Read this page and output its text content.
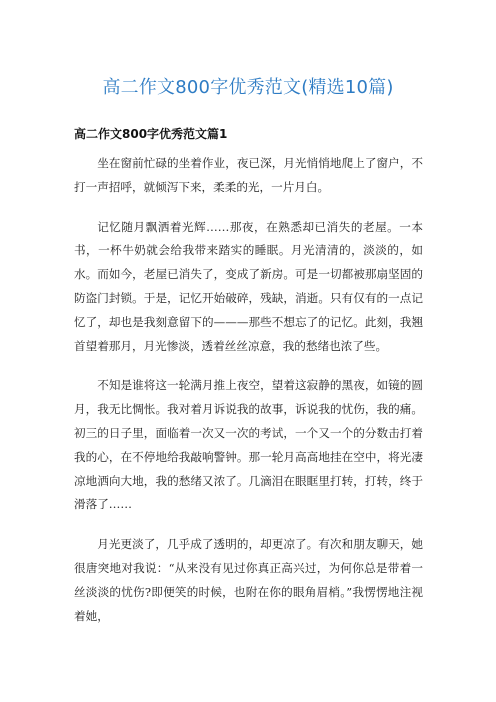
高二作文800字优秀范文(精选10篇)
高二作文800字优秀范文篇1

坐在窗前忙碌的坐着作业，夜已深，月光悄悄地爬上了窗户，不打一声招呼，就倾泻下来，柔柔的光，一片月白。

记忆随月飘洒着光辉……那夜，在熟悉却已消失的老屋。一本书，一杯牛奶就会给我带来踏实的睡眠。月光清清的，淡淡的，如水。而如今，老屋已消失了，变成了新房。可是一切都被那扇坚固的防盗门封锁。于是，记忆开始破碎，残缺，消逝。只有仅有的一点记忆了，却也是我刻意留下的———那些不想忘了的记忆。此刻，我翘首望着那月，月光惨淡，透着丝丝凉意，我的愁绪也浓了些。

不知是谁将这一轮满月推上夜空，望着这寂静的黑夜，如镜的圆月，我无比惆怅。我对着月诉说我的故事，诉说我的忧伤，我的痛。初三的日子里，面临着一次又一次的考试，一个又一个的分数击打着我的心，在不停地给我敲响警钟。那一轮月高高地挂在空中，将光凄凉地洒向大地，我的愁绪又浓了。几滴泪在眼眶里打转，打转，终于滑落了……

月光更淡了，几乎成了透明的，却更凉了。有次和朋友聊天，她很唐突地对我说：“从来没有见过你真正高兴过，为何你总是带着一丝淡淡的忧伤?即便笑的时候，也附在你的眼角眉梢。”我愣愣地注视着她，
